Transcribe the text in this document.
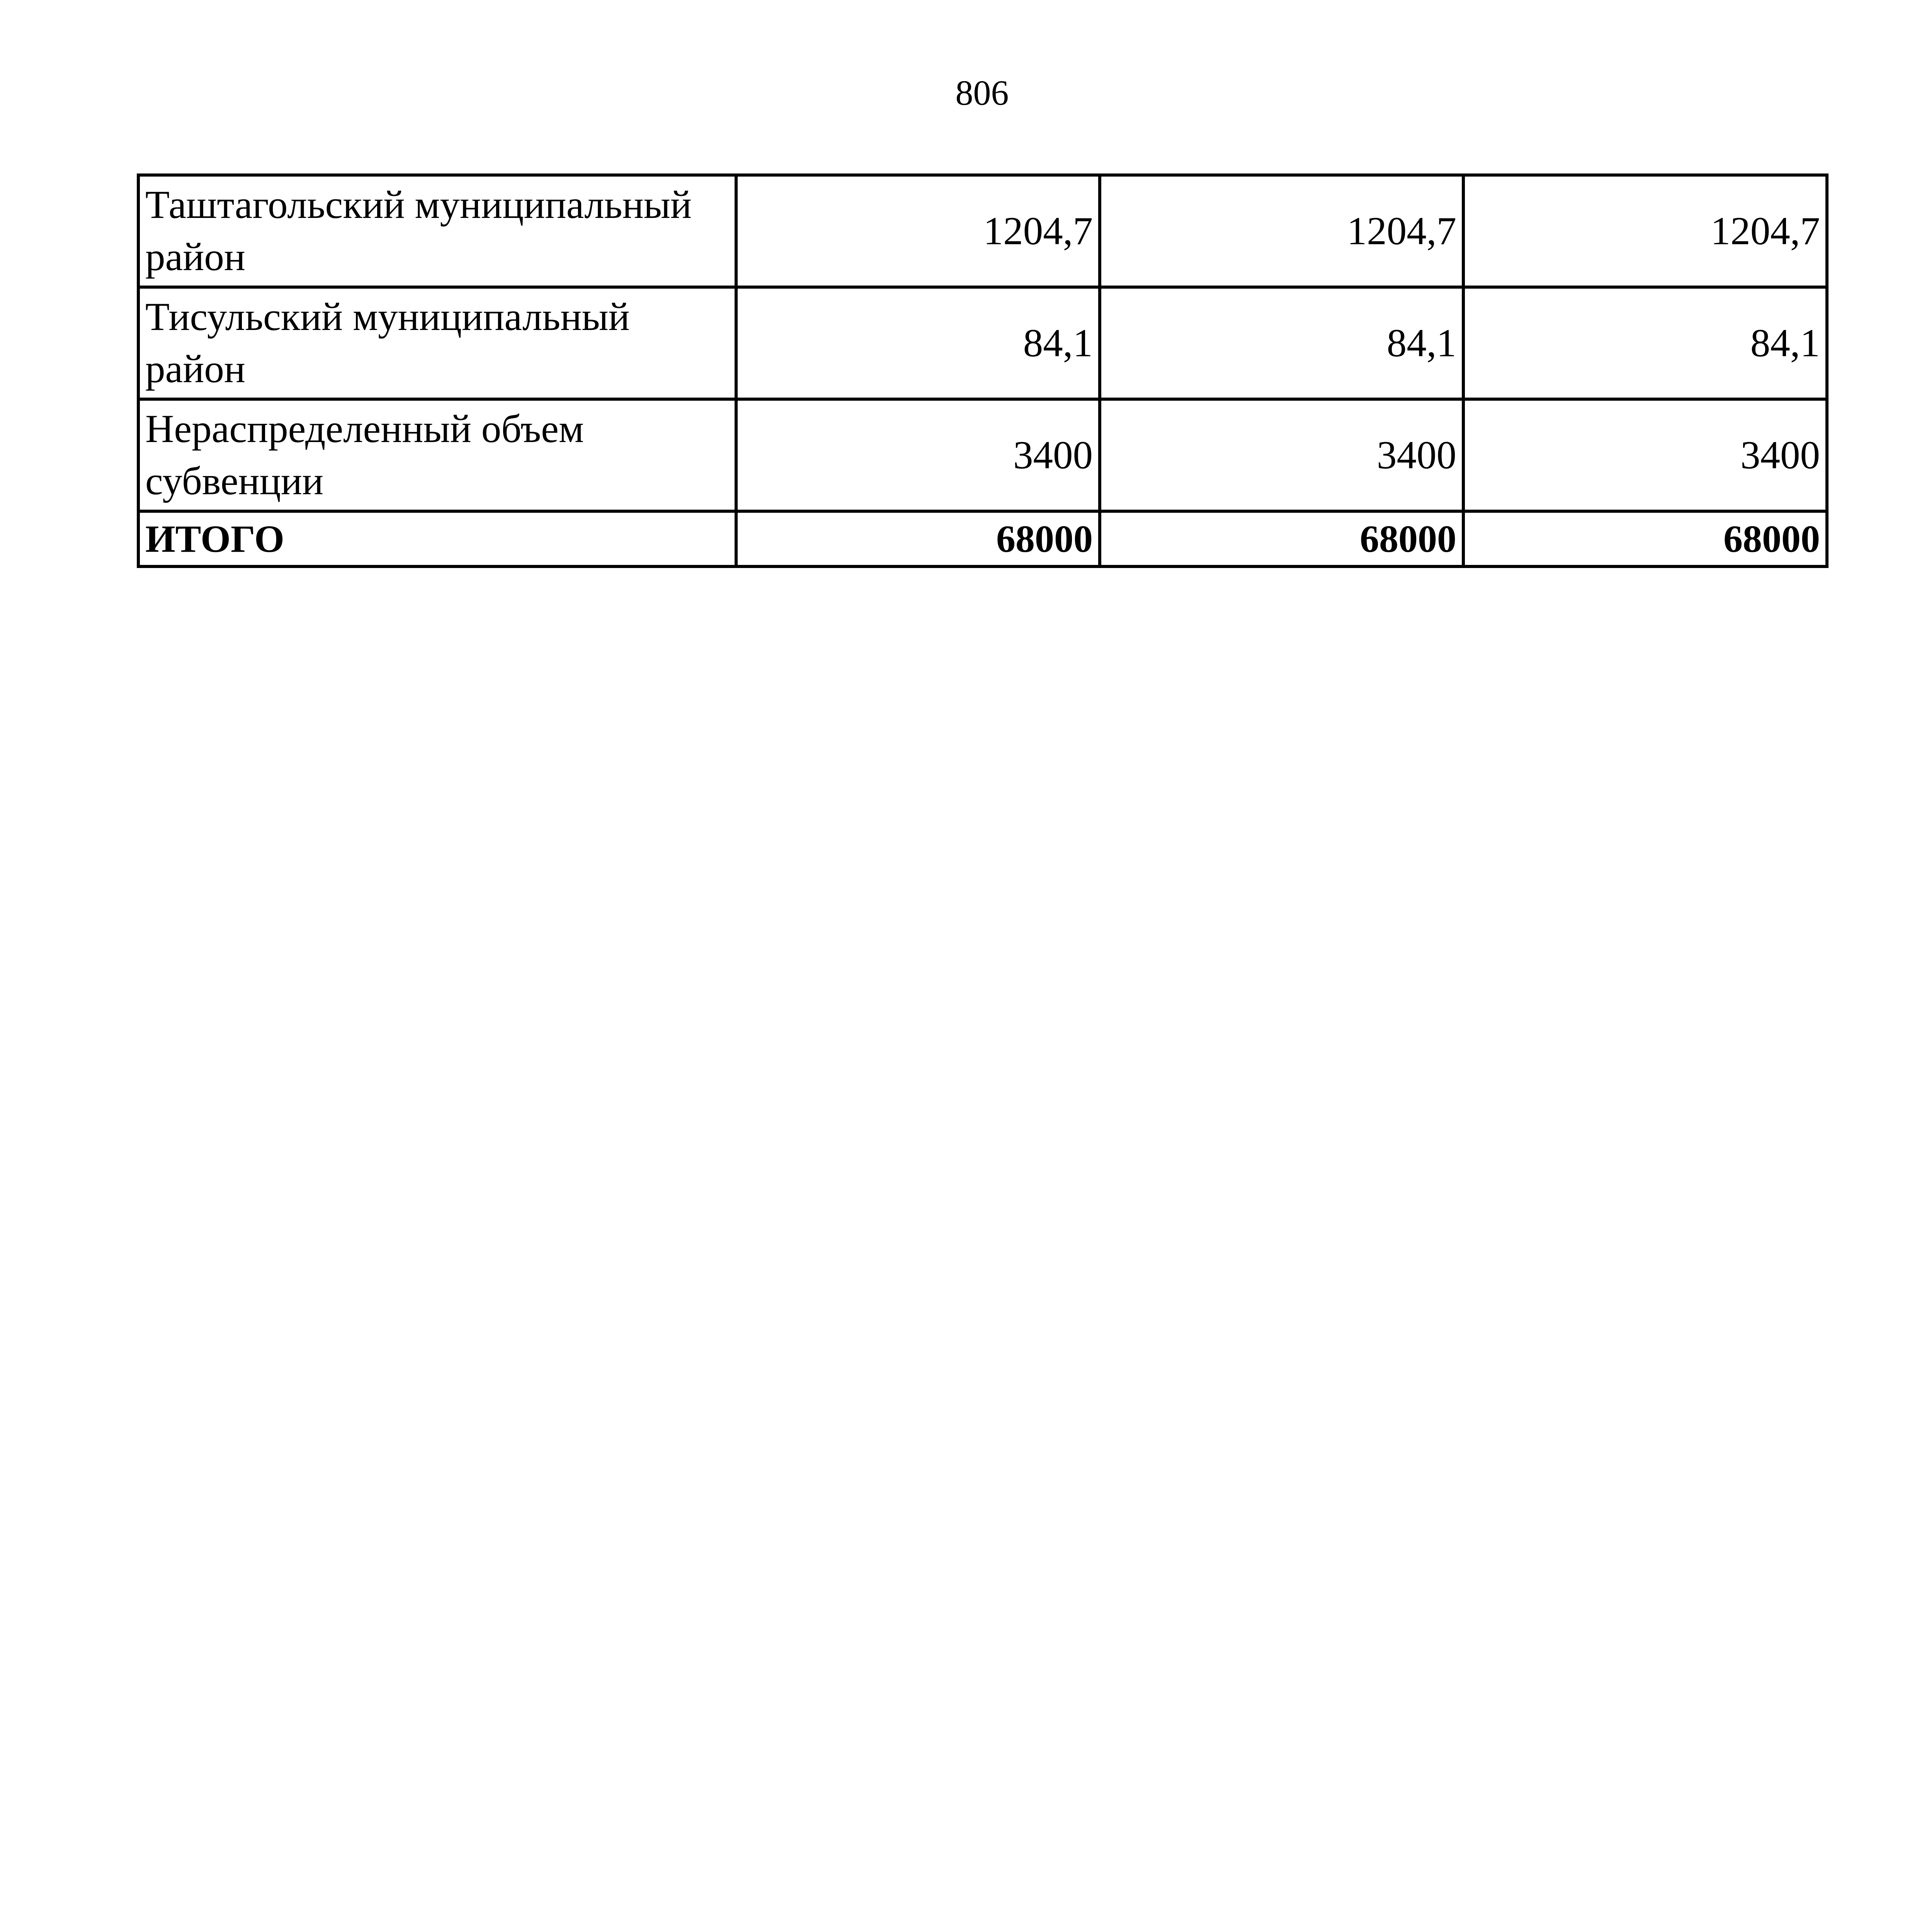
806
Таштагольский муниципальный район	1204,7	1204,7	1204,7
Тисульский муниципальный район	84,1	84,1	84,1
Нераспределенный объем субвенции	3400	3400	3400
ИТОГО	68000	68000	68000
